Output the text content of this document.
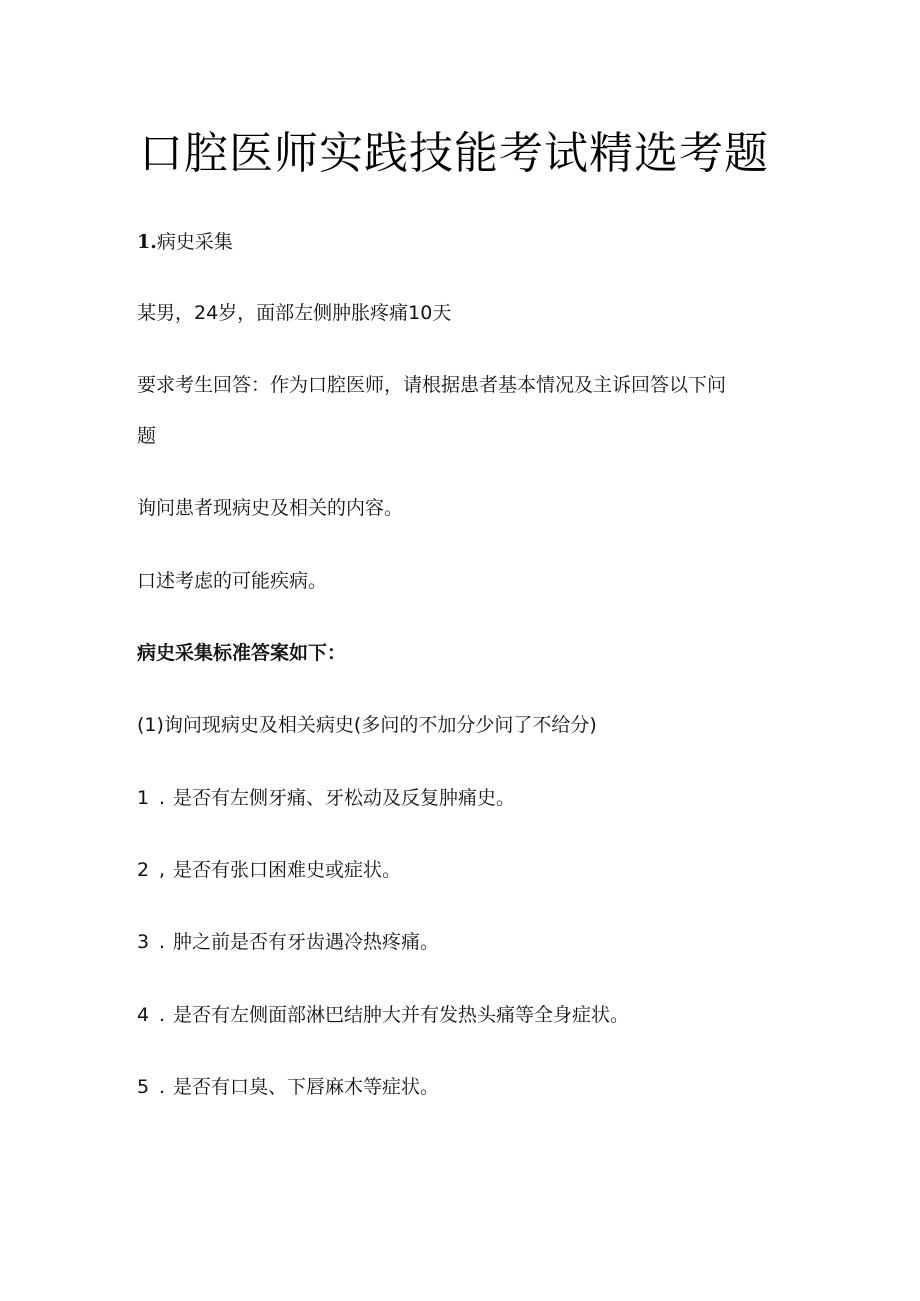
口腔医师实践技能考试精选考题
1.病史采集
某男，24岁，面部左侧肿胀疼痛10天
要求考生回答：作为口腔医师，请根据患者基本情况及主诉回答以下问
题
询问患者现病史及相关的内容。
口述考虑的可能疾病。
病史采集标准答案如下：
(1)询问现病史及相关病史(多问的不加分少问了不给分)
1 . 是否有左侧牙痛、牙松动及反复肿痛史。
2 , 是否有张口困难史或症状。
3 . 肿之前是否有牙齿遇冷热疼痛。
4 . 是否有左侧面部淋巴结肿大并有发热头痛等全身症状。
5 . 是否有口臭、下唇麻木等症状。
